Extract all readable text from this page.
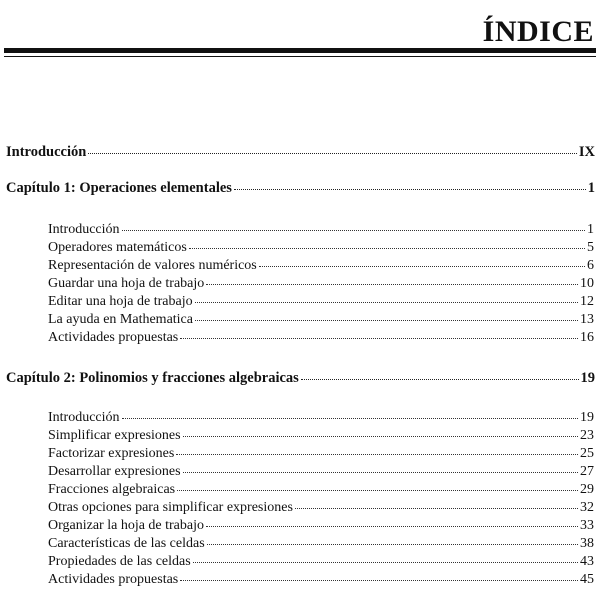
ÍNDICE
Introducción	IX
Capítulo 1: Operaciones elementales	1
Introducción	1
Operadores matemáticos	5
Representación de valores numéricos	6
Guardar una hoja de trabajo	10
Editar una hoja de trabajo	12
La ayuda en Mathematica	13
Actividades propuestas	16
Capítulo 2: Polinomios y fracciones algebraicas	19
Introducción	19
Simplificar expresiones	23
Factorizar expresiones	25
Desarrollar expresiones	27
Fracciones algebraicas	29
Otras opciones para simplificar expresiones	32
Organizar la hoja de trabajo	33
Características de las celdas	38
Propiedades de las celdas	43
Actividades propuestas	45
